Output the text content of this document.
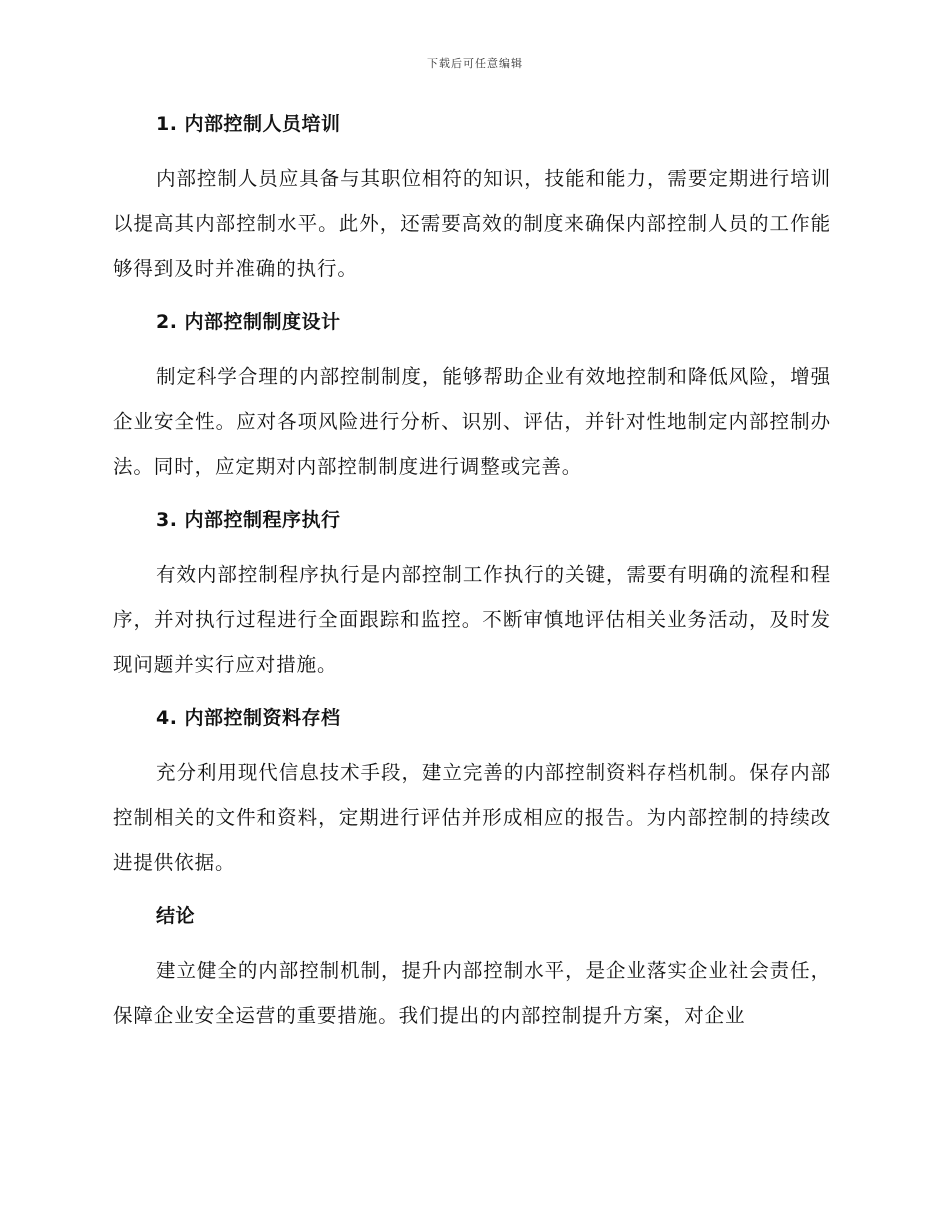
下载后可任意编辑
1. 内部控制人员培训

内部控制人员应具备与其职位相符的知识，技能和能力，需要定期进行培训以提高其内部控制水平。此外，还需要高效的制度来确保内部控制人员的工作能够得到及时并准确的执行。

2. 内部控制制度设计

制定科学合理的内部控制制度，能够帮助企业有效地控制和降低风险，增强企业安全性。应对各项风险进行分析、识别、评估，并针对性地制定内部控制办法。同时，应定期对内部控制制度进行调整或完善。

3. 内部控制程序执行

有效内部控制程序执行是内部控制工作执行的关键，需要有明确的流程和程序，并对执行过程进行全面跟踪和监控。不断审慎地评估相关业务活动，及时发现问题并实行应对措施。

4. 内部控制资料存档

充分利用现代信息技术手段，建立完善的内部控制资料存档机制。保存内部控制相关的文件和资料，定期进行评估并形成相应的报告。为内部控制的持续改进提供依据。

结论

建立健全的内部控制机制，提升内部控制水平，是企业落实企业社会责任，保障企业安全运营的重要措施。我们提出的内部控制提升方案，对企业
